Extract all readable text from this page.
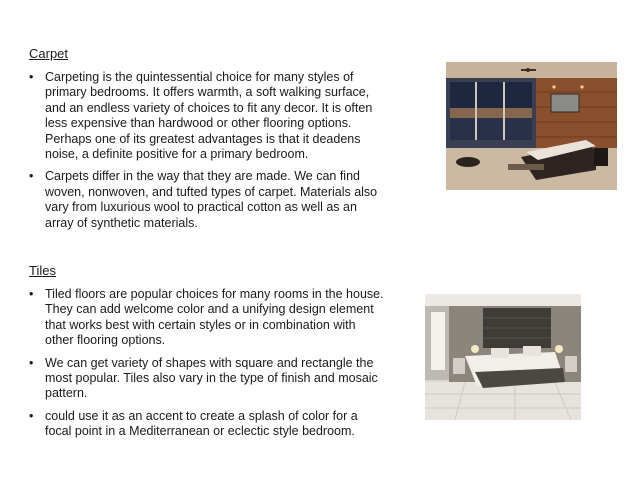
Carpet
• Carpeting is the quintessential choice for many styles of primary bedrooms. It offers warmth, a soft walking surface, and an endless variety of choices to fit any decor. It is often less expensive than hardwood or other flooring options. Perhaps one of its greatest advantages is that it deadens noise, a definite positive for a primary bedroom.
• Carpets differ in the way that they are made. We can find woven, nonwoven, and tufted types of carpet. Materials also vary from luxurious wool to practical cotton as well as an array of synthetic materials.
Tiles
• Tiled floors are popular choices for many rooms in the house. They can add welcome color and a unifying design element that works best with certain styles or in combination with other flooring options.
• We can get variety of shapes with square and rectangle the most popular. Tiles also vary in the type of finish and mosaic pattern.
• could use it as an accent to create a splash of color for a focal point in a Mediterranean or eclectic style bedroom.
